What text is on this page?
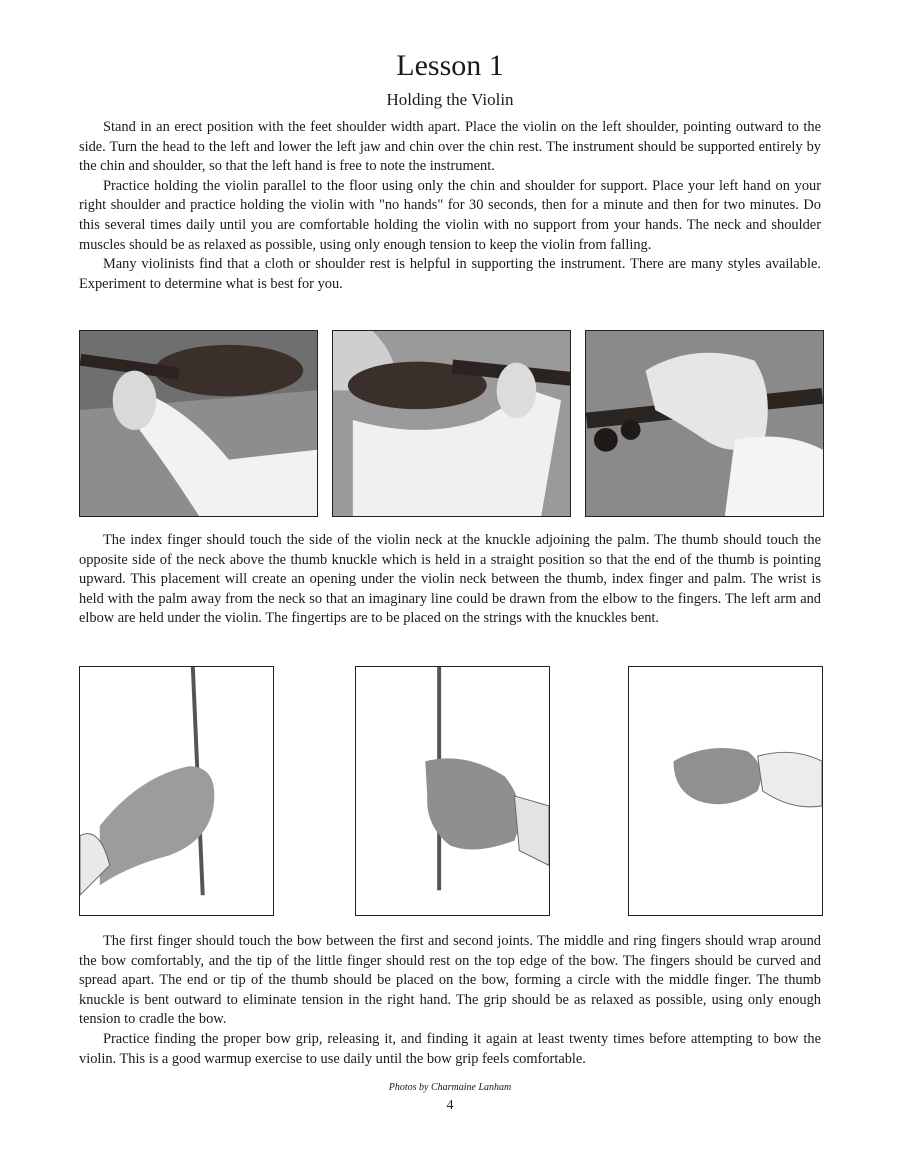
Lesson 1
Holding the Violin

Stand in an erect position with the feet shoulder width apart. Place the violin on the left shoulder, pointing outward to the side. Turn the head to the left and lower the left jaw and chin over the chin rest. The instrument should be supported entirely by the chin and shoulder, so that the left hand is free to note the instrument.

Practice holding the violin parallel to the floor using only the chin and shoulder for support. Place your left hand on your right shoulder and practice holding the violin with "no hands" for 30 seconds, then for a minute and then for two minutes. Do this several times daily until you are comfortable holding the violin with no support from your hands. The neck and shoulder muscles should be as relaxed as possible, using only enough tension to keep the violin from falling.

Many violinists find that a cloth or shoulder rest is helpful in supporting the instrument. There are many styles available. Experiment to determine what is best for you.

The index finger should touch the side of the violin neck at the knuckle adjoining the palm. The thumb should touch the opposite side of the neck above the thumb knuckle which is held in a straight position so that the end of the thumb is pointing upward. This placement will create an opening under the violin neck between the thumb, index finger and palm. The wrist is held with the palm away from the neck so that an imaginary line could be drawn from the elbow to the fingers. The left arm and elbow are held under the violin. The fingertips are to be placed on the strings with the knuckles bent.

The first finger should touch the bow between the first and second joints. The middle and ring fingers should wrap around the bow comfortably, and the tip of the little finger should rest on the top edge of the bow. The fingers should be curved and spread apart. The end or tip of the thumb should be placed on the bow, forming a circle with the middle finger. The thumb knuckle is bent outward to eliminate tension in the right hand. The grip should be as relaxed as possible, using only enough tension to cradle the bow.

Practice finding the proper bow grip, releasing it, and finding it again at least twenty times before attempting to bow the violin. This is a good warmup exercise to use daily until the bow grip feels comfortable.

Photos by Charmaine Lanham
4
